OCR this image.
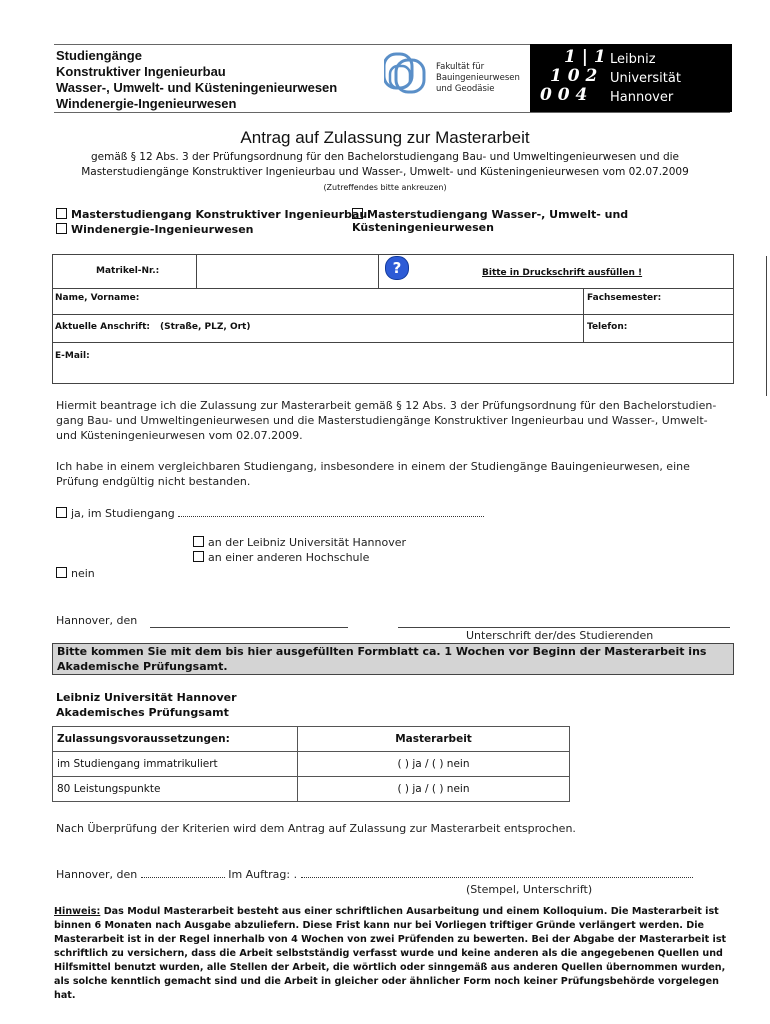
Studiengänge
Konstruktiver Ingenieurbau
Wasser-, Umwelt- und Küsteningenieurwesen
Windenergie-Ingenieurwesen
Fakultät für
Bauingenieurwesen
und Geodäsie
1 | 1
1 0 2
0 0 4
Leibniz
Universität
Hannover
Antrag auf Zulassung zur Masterarbeit
gemäß § 12 Abs. 3 der Prüfungsordnung für den Bachelorstudiengang Bau- und Umweltingenieurwesen und die Masterstudiengänge Konstruktiver Ingenieurbau und Wasser-, Umwelt- und Küsteningenieurwesen vom 02.07.2009
(Zutreffendes bitte ankreuzen)
Masterstudiengang Konstruktiver Ingenieurbau Masterstudiengang Wasser-, Umwelt- und Küsteningenieurwesen
Windenergie-Ingenieurwesen
Matrikel-Nr.:	?	Bitte in Druckschrift ausfüllen !
Name, Vorname:	Fachsemester:
Aktuelle Anschrift: (Straße, PLZ, Ort)	Telefon:
E-Mail:
Hiermit beantrage ich die Zulassung zur Masterarbeit gemäß § 12 Abs. 3 der Prüfungsordnung für den Bachelorstudien-gang Bau- und Umweltingenieurwesen und die Masterstudiengänge Konstruktiver Ingenieurbau und Wasser-, Umwelt- und Küsteningenieurwesen vom 02.07.2009.
Ich habe in einem vergleichbaren Studiengang, insbesondere in einem der Studiengänge Bauingenieurwesen, eine Prüfung endgültig nicht bestanden.
ja, im Studiengang
an der Leibniz Universität Hannover
an einer anderen Hochschule
nein
Hannover, den
Unterschrift der/des Studierenden
Bitte kommen Sie mit dem bis hier ausgefüllten Formblatt ca. 1 Wochen vor Beginn der Masterarbeit ins Akademische Prüfungsamt.
Leibniz Universität Hannover
Akademisches Prüfungsamt
Zulassungsvoraussetzungen:	Masterarbeit
im Studiengang immatrikuliert	( ) ja / ( ) nein
80 Leistungspunkte	( ) ja / ( ) nein
Nach Überprüfung der Kriterien wird dem Antrag auf Zulassung zur Masterarbeit entsprochen.
Hannover, den	Im Auftrag: .
(Stempel, Unterschrift)
Hinweis: Das Modul Masterarbeit besteht aus einer schriftlichen Ausarbeitung und einem Kolloquium. Die Masterarbeit ist binnen 6 Monaten nach Ausgabe abzuliefern. Diese Frist kann nur bei Vorliegen triftiger Gründe verlängert werden. Die Masterarbeit ist in der Regel innerhalb von 4 Wochen von zwei Prüfenden zu bewerten. Bei der Abgabe der Masterarbeit ist schriftlich zu versichern, dass die Arbeit selbstständig verfasst wurde und keine anderen als die angegebenen Quellen und Hilfsmittel benutzt wurden, alle Stellen der Arbeit, die wörtlich oder sinngemäß aus anderen Quellen übernommen wurden, als solche kenntlich gemacht sind und die Arbeit in gleicher oder ähnlicher Form noch keiner Prüfungsbehörde vorgelegen hat.
